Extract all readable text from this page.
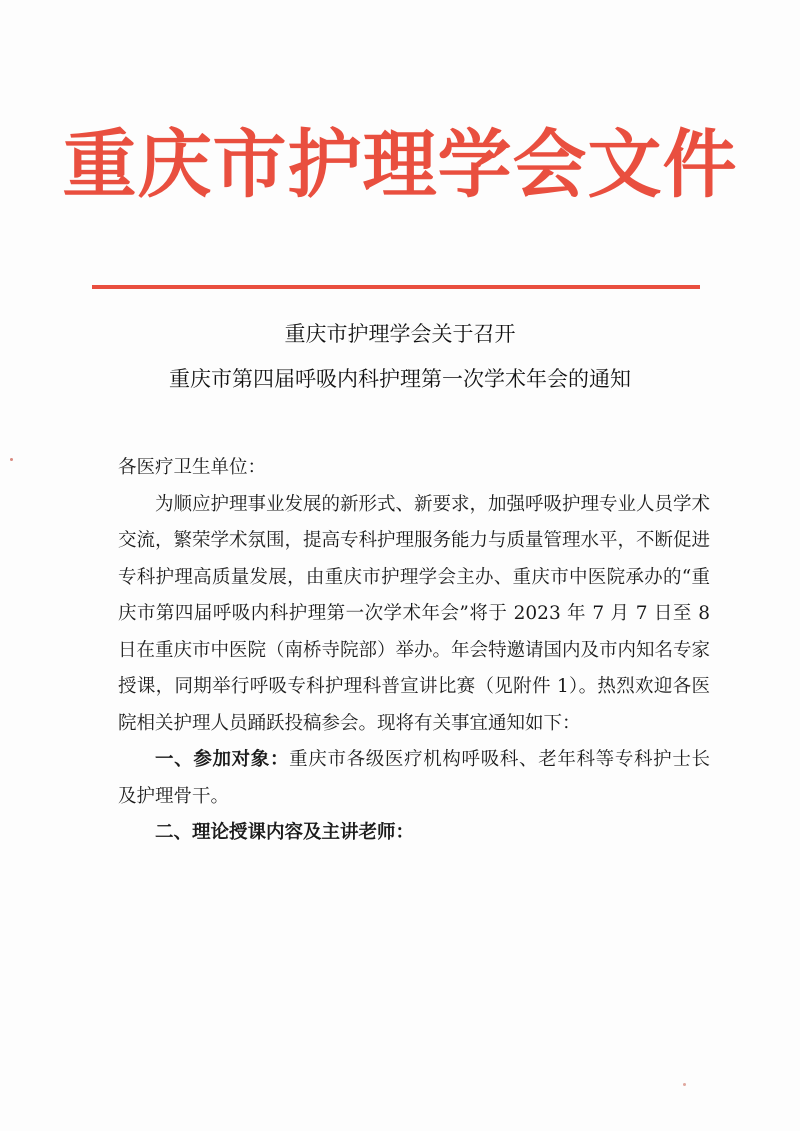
重庆市护理学会文件
重庆市护理学会关于召开
重庆市第四届呼吸内科护理第一次学术年会的通知

各医疗卫生单位：

为顺应护理事业发展的新形式、新要求，加强呼吸护理专业人员学术交流，繁荣学术氛围，提高专科护理服务能力与质量管理水平，不断促进专科护理高质量发展，由重庆市护理学会主办、重庆市中医院承办的“重庆市第四届呼吸内科护理第一次学术年会”将于 2023 年 7 月 7 日至 8 日在重庆市中医院（南桥寺院部）举办。年会特邀请国内及市内知名专家授课，同期举行呼吸专科护理科普宣讲比赛（见附件 1）。热烈欢迎各医院相关护理人员踊跃投稿参会。现将有关事宜通知如下：

一、参加对象：重庆市各级医疗机构呼吸科、老年科等专科护士长及护理骨干。

二、理论授课内容及主讲老师：
